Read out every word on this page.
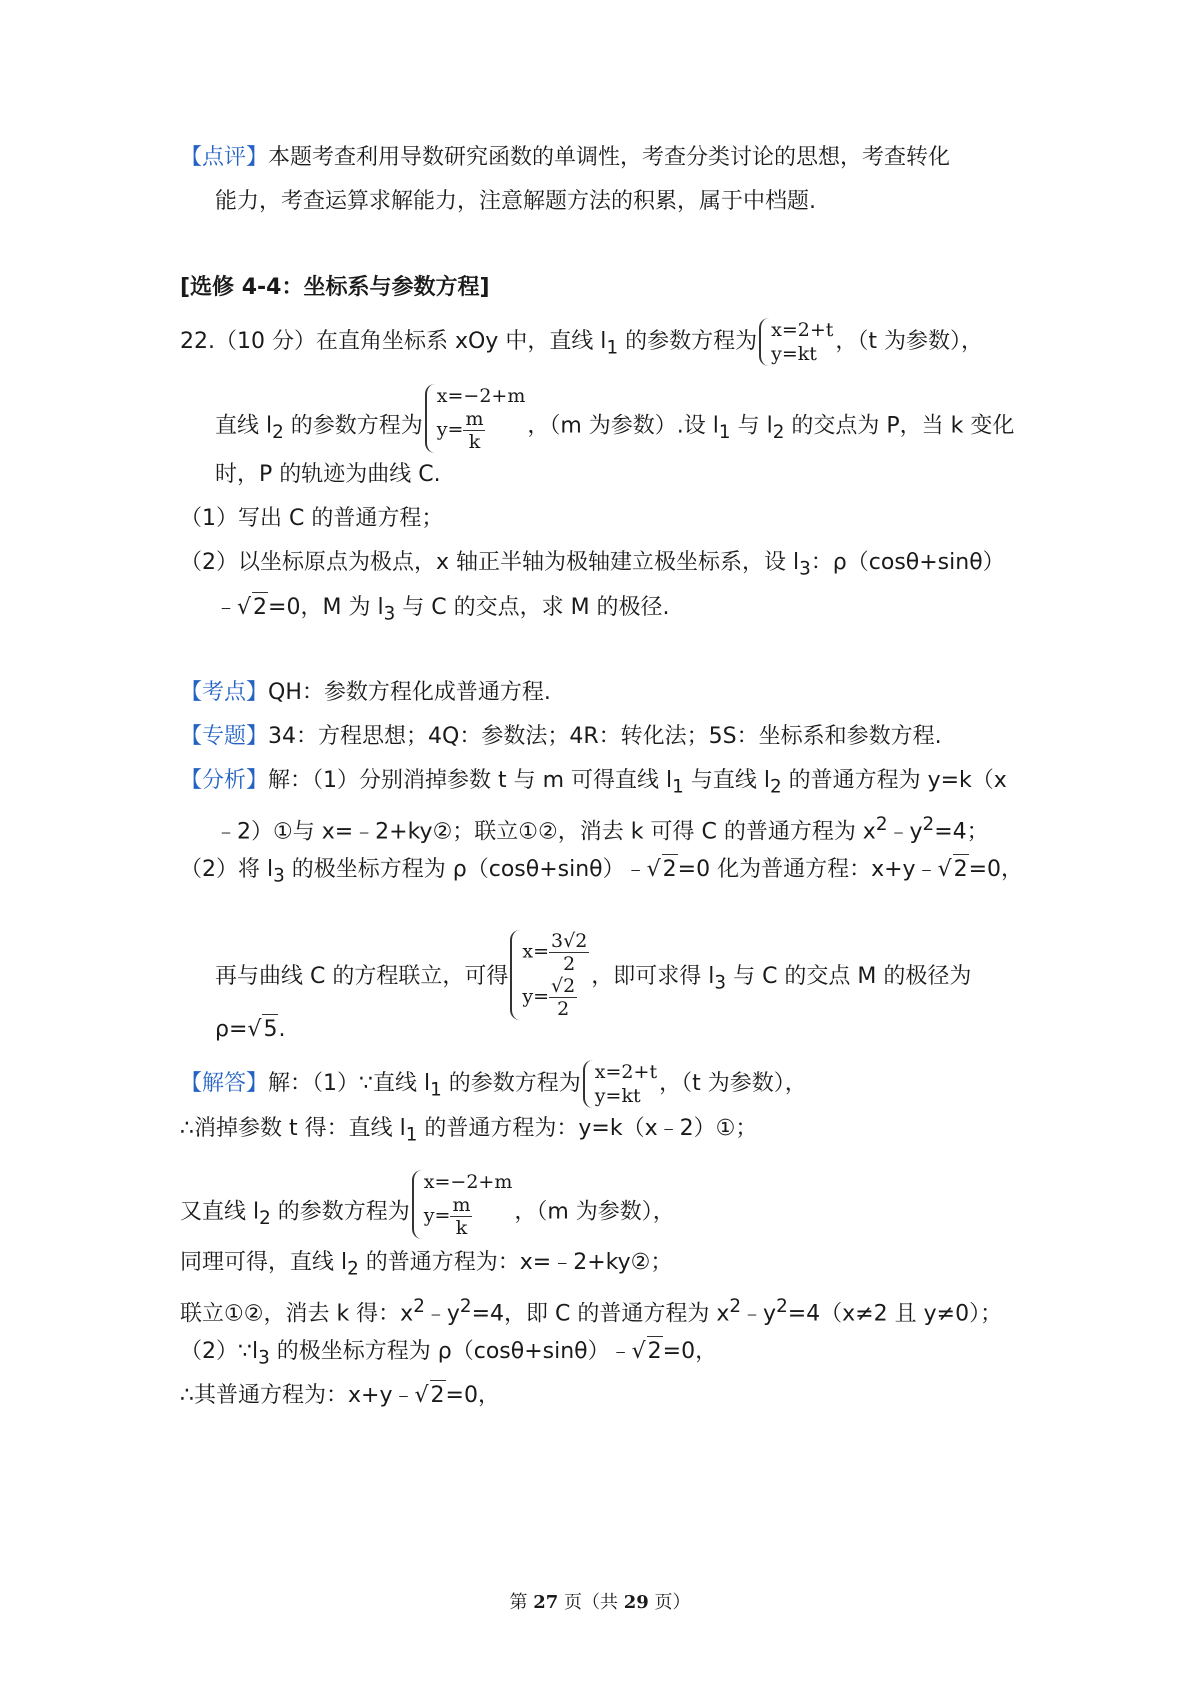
【点评】本题考查利用导数研究函数的单调性，考查分类讨论的思想，考查转化
能力，考查运算求解能力，注意解题方法的积累，属于中档题.
[选修 4-4：坐标系与参数方程]
22.（10 分）在直角坐标系 xOy 中，直线 $l_1$ 的参数方程为 x=2+t
y=kt ，（t 为参数），
直线 $l_2$ 的参数方程为
x=−2+m
$y= \frac{m}{k}$ ，（m 为参数）.设 $l_1$ 与 $l_2$ 的交点为 P，当 k 变化
时，P 的轨迹为曲线 C.
（1）写出 C 的普通方程；
（2）以坐标原点为极点，x 轴正半轴为极轴建立极坐标系，设 $l_3$：ρ（cosθ+sinθ）
﹣√2=0，M 为 $l_3$ 与 C 的交点，求 M 的极径.
【考点】QH：参数方程化成普通方程.
【专题】34：方程思想；4Q：参数法；4R：转化法；5S：坐标系和参数方程.
【分析】解：（1）分别消掉参数 t 与 m 可得直线 $l_1$ 与直线 $l_2$ 的普通方程为 y=k（x
﹣2）①与 x=﹣2+ky②；联立①②，消去 k 可得 C 的普通方程为 $x^2﹣y^2=4$；
（2）将 $l_3$ 的极坐标方程为 ρ（cosθ+sinθ）﹣√2=0 化为普通方程：x+y﹣√2=0，
再与曲线 C 的方程联立，可得
$x= \frac{3√2}{2}$
$y= \frac{√2}{2}$ ，即可求得 $l_3$ 与 C 的交点 M 的极径为
ρ=√5.
【解答】解：（1）∵直线 $l_1$ 的参数方程为 x=2+t
y=kt ，（t 为参数），
∴消掉参数 t 得：直线 $l_1$ 的普通方程为：y=k（x﹣2）①；
又直线 $l_2$ 的参数方程为
x=−2+m
$y= \frac{m}{k}$ ，（m 为参数），
同理可得，直线 $l_2$ 的普通方程为：x=﹣2+ky②；
联立①②，消去 k 得：$x^2﹣y^2=4$，即 C 的普通方程为 $x^2﹣y^2=4(x\ne 2$ 且 y≠0）；
$(2)\because l_3$ 的极坐标方程为 ρ（cosθ+sinθ）﹣√2=0，
∴其普通方程为：x+y﹣√2=0，
第 27 页（共 29 页）
